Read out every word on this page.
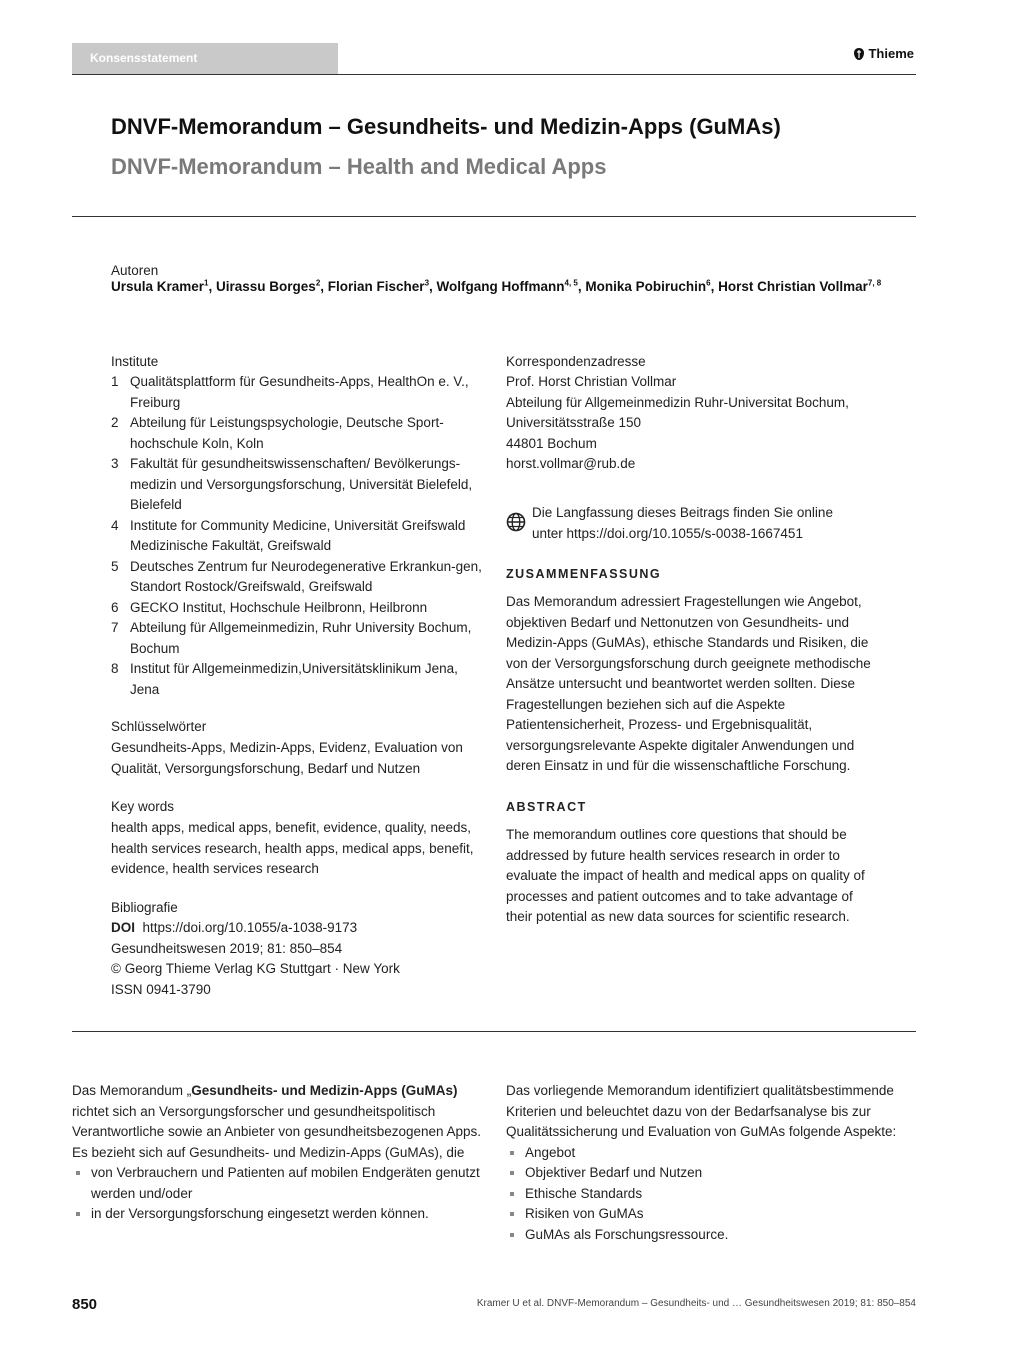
Konsensstatement	Thieme
DNVF-Memorandum – Gesundheits- und Medizin-Apps (GuMAs)
DNVF-Memorandum – Health and Medical Apps
Autoren
Ursula Kramer$^1$, Uirassu Borges$^2$, Florian Fischer$^3$, Wolfgang Hoffmann$^{4, 5}$, Monika Pobiruchin$^6$, Horst Christian Vollmar$^{7, 8}$
Institute
1 Qualitätsplattform für Gesundheits-Apps, HealthOn e. V., Freiburg
2 Abteilung für Leistungspsychologie, Deutsche Sport-hochschule Koln, Koln
3 Fakultät für gesundheitswissenschaften/ Bevölkerungs-medizin und Versorgungsforschung, Universität Bielefeld, Bielefeld
4 Institute for Community Medicine, Universität Greifswald Medizinische Fakultät, Greifswald
5 Deutsches Zentrum fur Neurodegenerative Erkrankun-gen, Standort Rostock/Greifswald, Greifswald
6 GECKO Institut, Hochschule Heilbronn, Heilbronn
7 Abteilung für Allgemeinmedizin, Ruhr University Bochum, Bochum
8 Institut für Allgemeinmedizin,Universitätsklinikum Jena, Jena
Schlüsselwörter
Gesundheits-Apps, Medizin-Apps, Evidenz, Evaluation von Qualität, Versorgungsforschung, Bedarf und Nutzen
Key words
health apps, medical apps, benefit, evidence, quality, needs, health services research, health apps, medical apps, benefit, evidence, health services research
Bibliografie
DOI https://doi.org/10.1055/a-1038-9173
Gesundheitswesen 2019; 81: 850–854
© Georg Thieme Verlag KG Stuttgart · New York
ISSN 0941-3790
Korrespondenzadresse
Prof. Horst Christian Vollmar
Abteilung für Allgemeinmedizin Ruhr-Universitat Bochum,
Universitätsstraße 150
44801 Bochum
horst.vollmar@rub.de
Die Langfassung dieses Beitrags finden Sie online
unter https://doi.org/10.1055/s-0038-1667451
ZUSAMMENFASSUNG
Das Memorandum adressiert Fragestellungen wie Angebot, objektiven Bedarf und Nettonutzen von Gesundheits- und Medizin-Apps (GuMAs), ethische Standards und Risiken, die von der Versorgungsforschung durch geeignete methodische Ansätze untersucht und beantwortet werden sollten. Diese Fragestellungen beziehen sich auf die Aspekte Patientensicherheit, Prozess- und Ergebnisqualität, versorgungsrelevante Aspekte digitaler Anwendungen und deren Einsatz in und für die wissenschaftliche Forschung.
ABSTRACT
The memorandum outlines core questions that should be addressed by future health services research in order to evaluate the impact of health and medical apps on quality of processes and patient outcomes and to take advantage of their potential as new data sources for scientific research.
Das Memorandum „Gesundheits- und Medizin-Apps (GuMAs) richtet sich an Versorgungsforscher und gesundheitspolitisch Verantwortliche sowie an Anbieter von gesundheitsbezogenen Apps. Es bezieht sich auf Gesundheits- und Medizin-Apps (GuMAs), die
von Verbrauchern und Patienten auf mobilen Endgeräten genutzt werden und/oder
in der Versorgungsforschung eingesetzt werden können.
Das vorliegende Memorandum identifiziert qualitätsbestimmende Kriterien und beleuchtet dazu von der Bedarfsanalyse bis zur Qualitätssicherung und Evaluation von GuMAs folgende Aspekte:
Angebot
Objektiver Bedarf und Nutzen
Ethische Standards
Risiken von GuMAs
GuMAs als Forschungsressource.
850	Kramer U et al. DNVF-Memorandum – Gesundheits- und … Gesundheitswesen 2019; 81: 850–854
